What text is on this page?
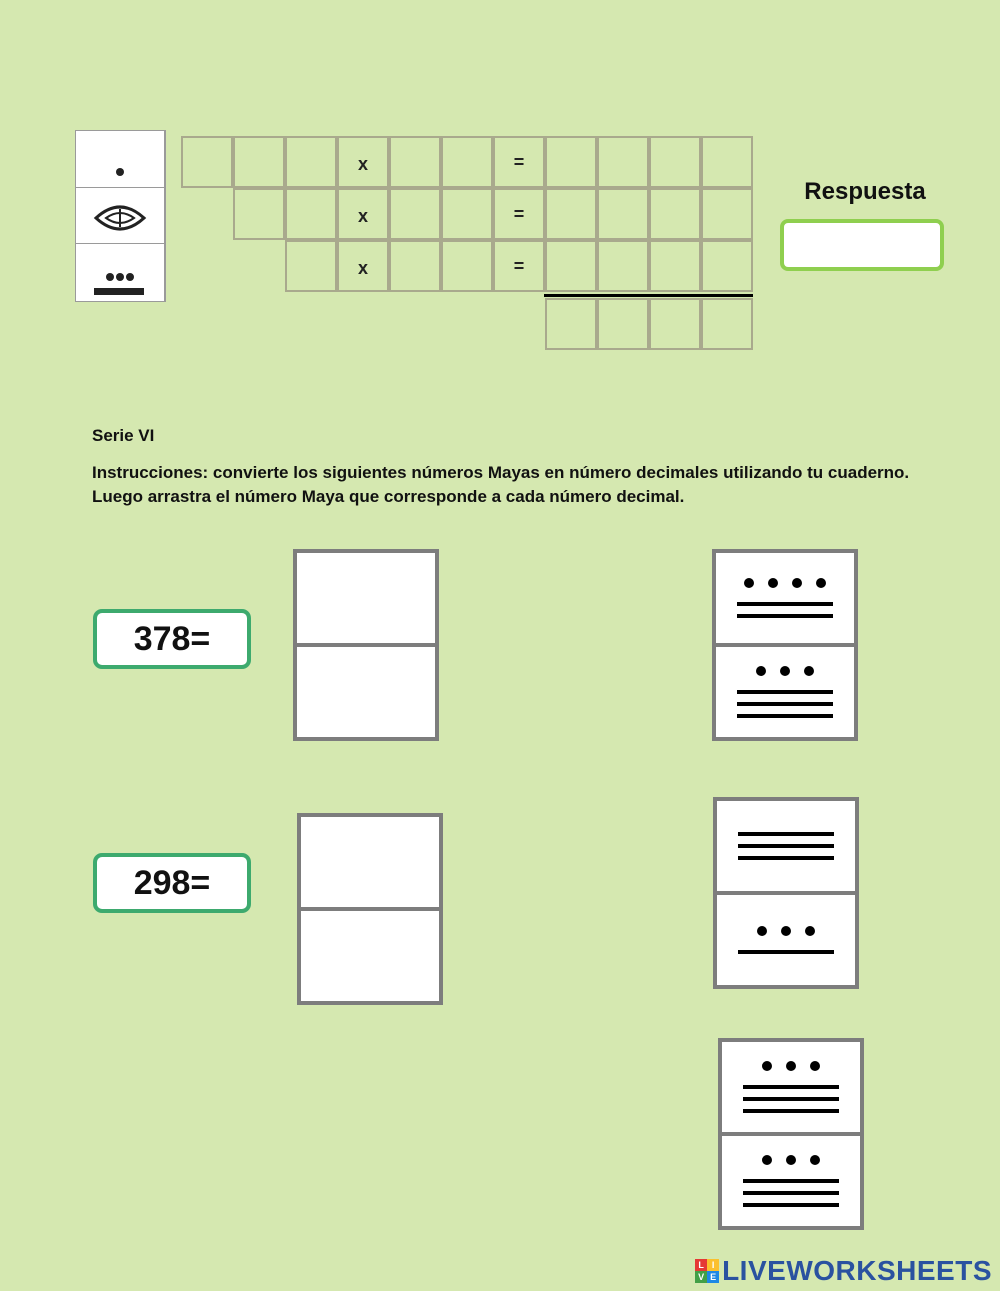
x	=
x	=
x	=
Respuesta
Serie VI
Instrucciones: convierte los siguientes números Mayas en número decimales utilizando tu cuaderno. Luego arrastra el número Maya que corresponde a cada número decimal.
378=
298=
L I
V E LIVEWORKSHEETS
